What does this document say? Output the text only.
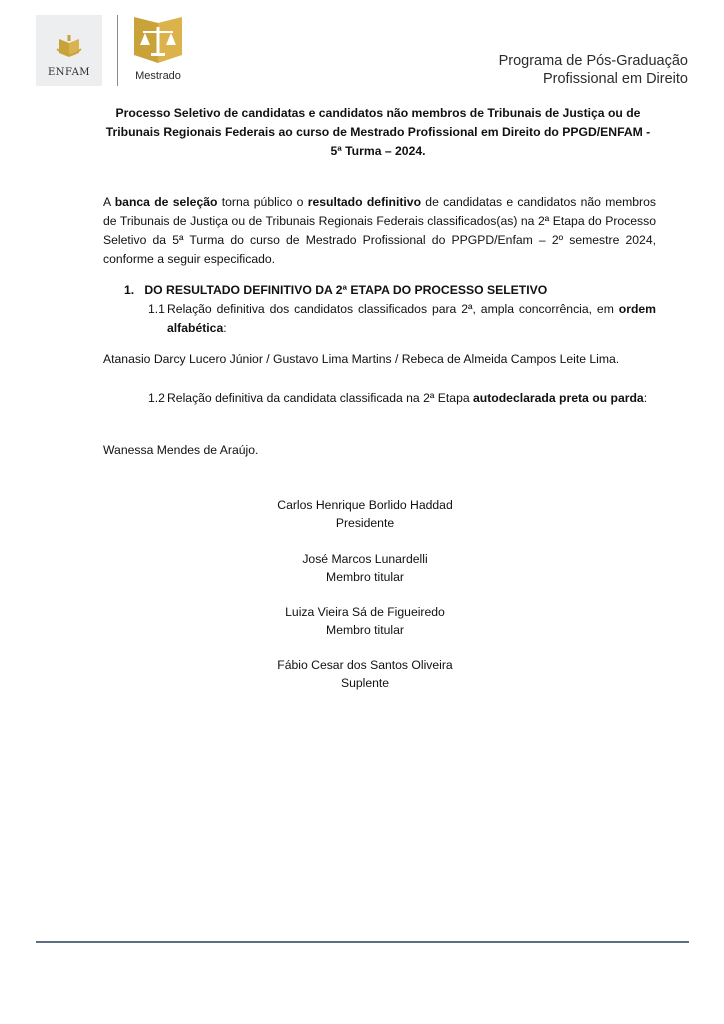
ENFAM	Mestrado
Programa de Pós-Graduação
Profissional em Direito
Processo Seletivo de candidatas e candidatos não membros de Tribunais de Justiça ou de Tribunais Regionais Federais ao curso de Mestrado Profissional em Direito do PPGD/ENFAM - 5ª Turma – 2024.
A banca de seleção torna público o resultado definitivo de candidatas e candidatos não membros de Tribunais de Justiça ou de Tribunais Regionais Federais classificados(as) na 2ª Etapa do Processo Seletivo da 5ª Turma do curso de Mestrado Profissional do PPGPD/Enfam – 2º semestre 2024, conforme a seguir especificado.
1. DO RESULTADO DEFINITIVO DA 2ª ETAPA DO PROCESSO SELETIVO
1.1 Relação definitiva dos candidatos classificados para 2ª, ampla concorrência, em ordem alfabética:
Atanasio Darcy Lucero Júnior / Gustavo Lima Martins / Rebeca de Almeida Campos Leite Lima.
1.2 Relação definitiva da candidata classificada na 2ª Etapa autodeclarada preta ou parda:
Wanessa Mendes de Araújo.
Carlos Henrique Borlido Haddad
Presidente
José Marcos Lunardelli
Membro titular
Luiza Vieira Sá de Figueiredo
Membro titular
Fábio Cesar dos Santos Oliveira
Suplente
